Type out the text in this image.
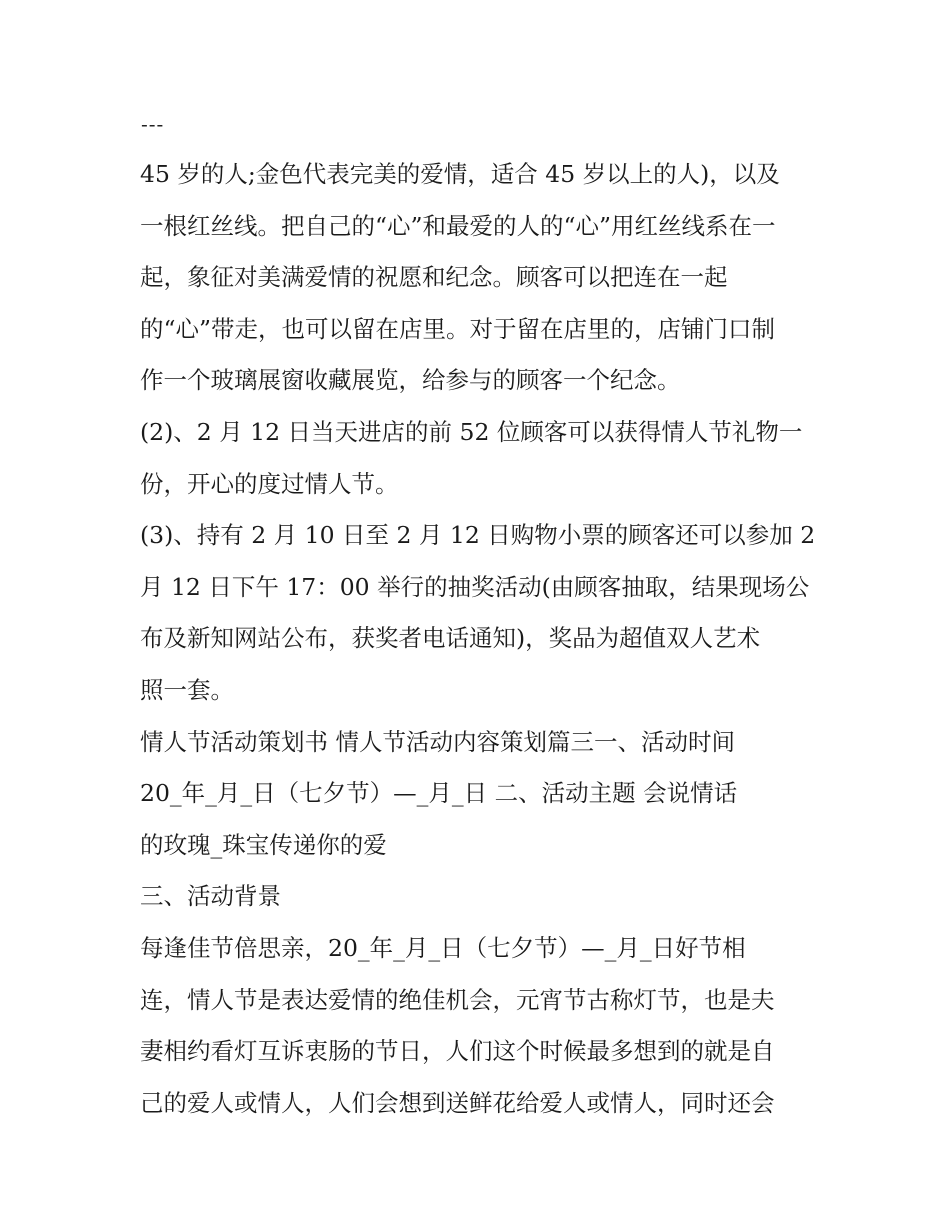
---
45 岁的人;金色代表完美的爱情，适合 45 岁以上的人)，以及
一根红丝线。把自己的“心”和最爱的人的“心”用红丝线系在一
起，象征对美满爱情的祝愿和纪念。顾客可以把连在一起
的“心”带走，也可以留在店里。对于留在店里的，店铺门口制
作一个玻璃展窗收藏展览，给参与的顾客一个纪念。
(2)、2 月 12 日当天进店的前 52 位顾客可以获得情人节礼物一
份，开心的度过情人节。
(3)、持有 2 月 10 日至 2 月 12 日购物小票的顾客还可以参加 2
月 12 日下午 17：00 举行的抽奖活动(由顾客抽取，结果现场公
布及新知网站公布，获奖者电话通知)，奖品为超值双人艺术
照一套。
情人节活动策划书 情人节活动内容策划篇三一、活动时间
20_年_月_日（七夕节）—_月_日 二、活动主题 会说情话
的玫瑰_珠宝传递你的爱
三、活动背景
每逢佳节倍思亲，20_年_月_日（七夕节）—_月_日好节相
连，情人节是表达爱情的绝佳机会，元宵节古称灯节，也是夫
妻相约看灯互诉衷肠的节日，人们这个时候最多想到的就是自
己的爱人或情人，人们会想到送鲜花给爱人或情人，同时还会
